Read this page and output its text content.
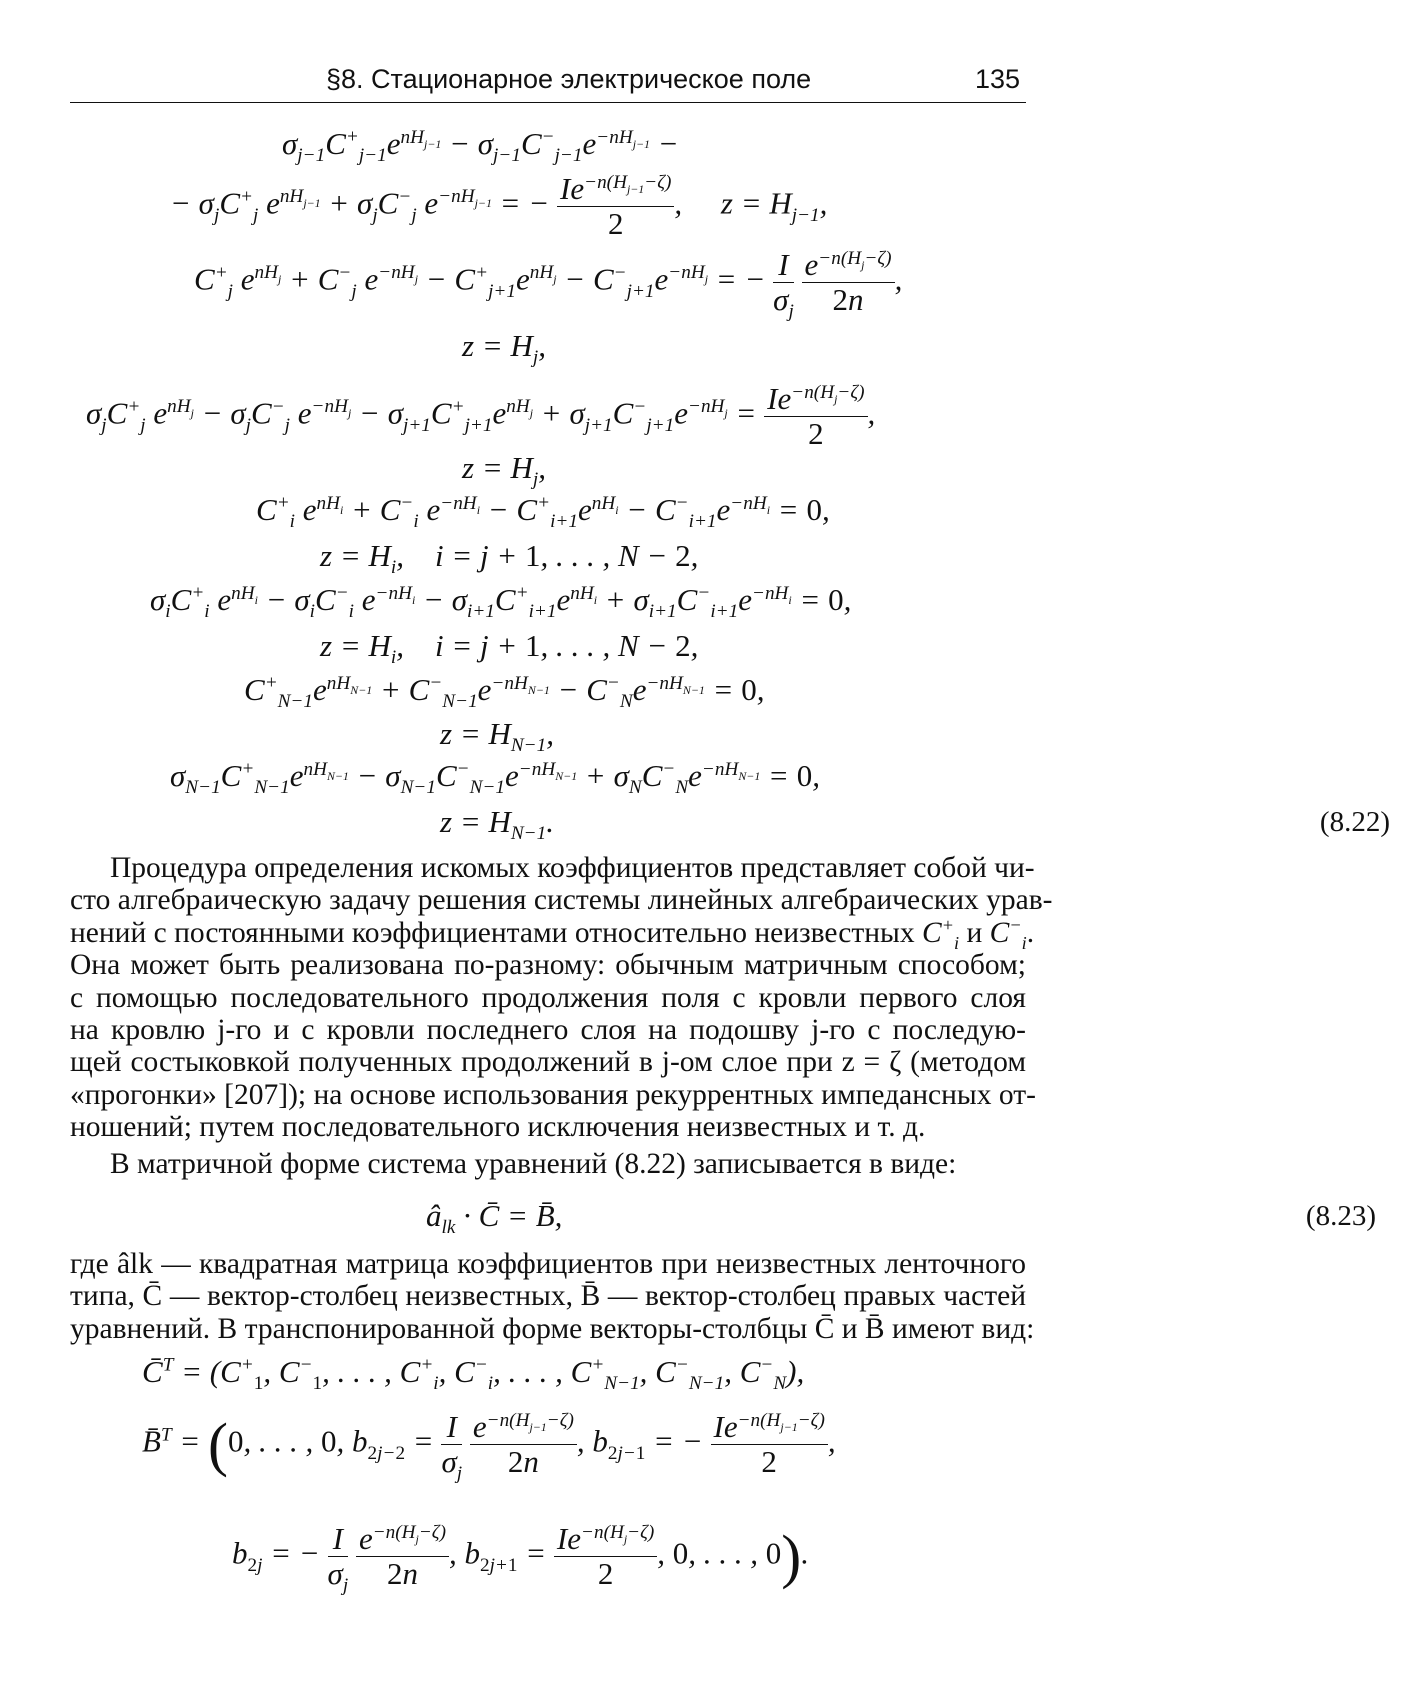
§8. Стационарное электрическое поле	135
$\sigma_{j-1}C^+_{j-1}e^{nH_{j-1}} - \sigma_{j-1}C^-_{j-1}e^{-nH_{j-1}}$ −
− $\sigma_jC^+_j$ $e^{nH_{j-1}} + \sigma_jC^-_j$ $e^{-nH_{j-1}}$ = − $\frac{Ie^{-n(H_{j-1}-\zeta)}}{2}$ ,     $z = H_{j-1}$,
$C^+_j$ $e^{nH_j} + C^-_j$ $e^{-nH_j} - C^+_{j+1}e^{nH_j} - C^-_{j+1}e^{-nH_j}$ = − $\frac{I}{\sigma_j}$
$\frac{e^{-n(H_j-\zeta)}}{2n}$ ,
$z = H_j$,
$\sigma_jC^+_j$ $e^{nH_j} - \sigma_jC^-_j$ $e^{-nH_j} - \sigma_{j+1}C^+_{j+1}e^{nH_j} + \sigma_{j+1}C^-_{j+1}e^{-nH_j} = \frac{Ie^{-n(H_j-\zeta)}}{2}$ ,
$z = H_j$,
$C^+_i$ $e^{nH_i} + C^-_i$ $e^{-nH_i} - C^+_{i+1}e^{nH_i} - C^-_{i+1}e^{-nH_i} = 0$,
$z = H_i$,    i = j + 1, . . . , N − 2,
$\sigma_iC^+_i$ $e^{nH_i} - \sigma_iC^-_i$ $e^{-nH_i} - \sigma_{i+1}C^+_{i+1}e^{nH_i} + \sigma_{i+1}C^-_{i+1}e^{-nH_i} = 0$,
$z = H_i$,    i = j + 1, . . . , N − 2,
$C^+_{N-1}e^{nH_{N-1}} + C^-_{N-1}e^{-nH_{N-1}} - C^-_Ne^{-nH_{N-1}} = 0$,
$z = H_{N-1}$,
$\sigma_{N-1}C^+_{N-1}e^{nH_{N-1}} - \sigma_{N-1}C^-_{N-1}e^{-nH_{N-1}} + \sigma_NC^-_Ne^{-nH_{N-1}} = 0$,
$z = H_{N-1}$.	(8.22)
Процедура определения искомых коэффициентов представляет собой чи-
сто алгебраическую задачу решения системы линейных алгебраических урав-
нений с постоянными коэффициентами относительно неизвестных $C^+_i$ и $C^-_i$.
Она может быть реализована по-разному: обычным матричным способом;
с помощью последовательного продолжения поля с кровли первого слоя
на кровлю j-го и с кровли последнего слоя на подошву j-го с последую-
щей состыковкой полученных продолжений в j-ом слое при z = ζ (методом
«прогонки» [207]); на основе использования рекуррентных импедансных от-
ношений; путем последовательного исключения неизвестных и т. д.
В матричной форме система уравнений (8.22) записывается в виде:
$â_{lk}$ · C̄ = B̄,	(8.23)
где âlk — квадратная матрица коэффициентов при неизвестных ленточного
типа, C̄ — вектор-столбец неизвестных, B̄ — вектор-столбец правых частей
уравнений. В транспонированной форме векторы-столбцы C̄ и B̄ имеют вид:
C̄$^T$ = ($C^+_1$, $C^-_1$, . . . , $C^+_i$, $C^-_i$, . . . , $C^+_{N-1}$, $C^-_{N-1}$, $C^-_N$),
B̄$^T$ = (0, . . . , 0, $b_{2j-2} = \frac{I}{\sigma_j}$
$\frac{e^{-n(H_{j-1}-\zeta)}}{2n}$ , $b_{2j-1}$ = − $\frac{Ie^{-n(H_{j-1}-\zeta)}}{2}$ ,
$b_{2j}$ = − $\frac{I}{\sigma_j}$
$\frac{e^{-n(H_j-\zeta)}}{2n}$ , $b_{2j+1} = \frac{Ie^{-n(H_j-\zeta)}}{2}$ , 0, . . . , 0).
